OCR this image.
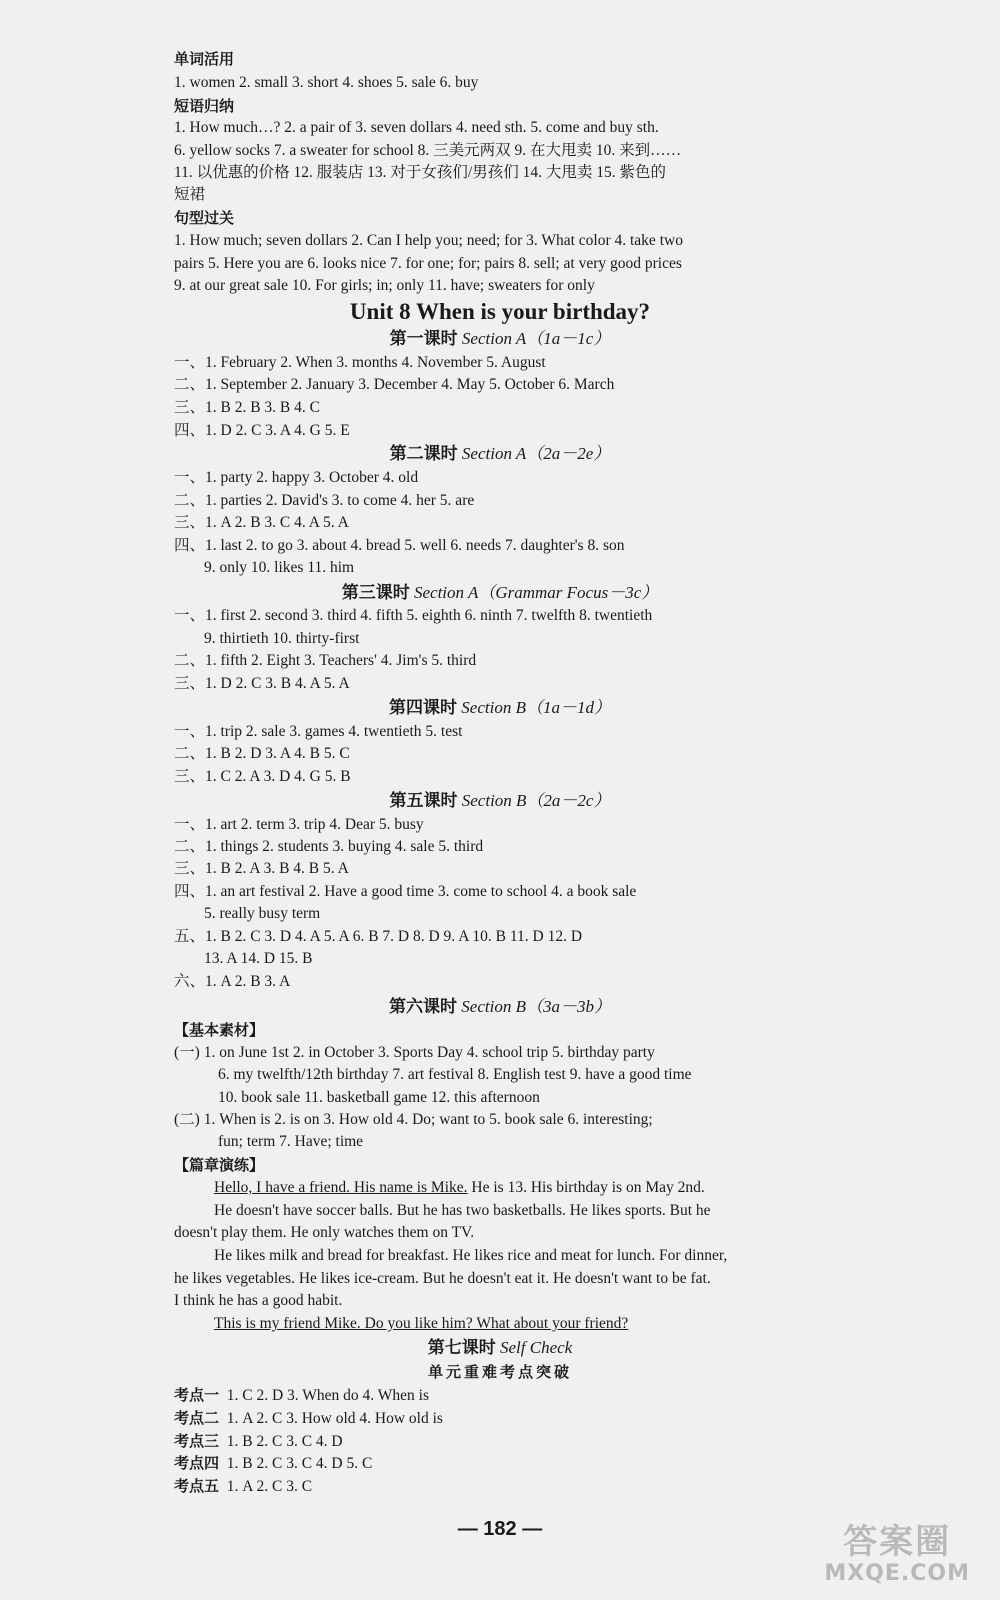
单词活用
1. women 2. small 3. short 4. shoes 5. sale 6. buy
短语归纳
1. How much…? 2. a pair of 3. seven dollars 4. need sth. 5. come and buy sth.
6. yellow socks 7. a sweater for school 8. 三美元两双 9. 在大甩卖 10. 来到……
11. 以优惠的价格 12. 服装店 13. 对于女孩们/男孩们 14. 大甩卖 15. 紫色的
短裙
句型过关
1. How much; seven dollars 2. Can I help you; need; for 3. What color 4. take two
pairs 5. Here you are 6. looks nice 7. for one; for; pairs 8. sell; at very good prices
9. at our great sale 10. For girls; in; only 11. have; sweaters for only
Unit 8 When is your birthday?
第一课时 Section A（1a－1c）
一、1. February 2. When 3. months 4. November 5. August
二、1. September 2. January 3. December 4. May 5. October 6. March
三、1. B 2. B 3. B 4. C
四、1. D 2. C 3. A 4. G 5. E
第二课时 Section A（2a－2e）
一、1. party 2. happy 3. October 4. old
二、1. parties 2. David's 3. to come 4. her 5. are
三、1. A 2. B 3. C 4. A 5. A
四、1. last 2. to go 3. about 4. bread 5. well 6. needs 7. daughter's 8. son
9. only 10. likes 11. him
第三课时 Section A（Grammar Focus－3c）
一、1. first 2. second 3. third 4. fifth 5. eighth 6. ninth 7. twelfth 8. twentieth
9. thirtieth 10. thirty-first
二、1. fifth 2. Eight 3. Teachers' 4. Jim's 5. third
三、1. D 2. C 3. B 4. A 5. A
第四课时 Section B（1a－1d）
一、1. trip 2. sale 3. games 4. twentieth 5. test
二、1. B 2. D 3. A 4. B 5. C
三、1. C 2. A 3. D 4. G 5. B
第五课时 Section B（2a－2c）
一、1. art 2. term 3. trip 4. Dear 5. busy
二、1. things 2. students 3. buying 4. sale 5. third
三、1. B 2. A 3. B 4. B 5. A
四、1. an art festival 2. Have a good time 3. come to school 4. a book sale
5. really busy term
五、1. B 2. C 3. D 4. A 5. A 6. B 7. D 8. D 9. A 10. B 11. D 12. D
13. A 14. D 15. B
六、1. A 2. B 3. A
第六课时 Section B（3a－3b）
【基本素材】
(一) 1. on June 1st 2. in October 3. Sports Day 4. school trip 5. birthday party
6. my twelfth/12th birthday 7. art festival 8. English test 9. have a good time
10. book sale 11. basketball game 12. this afternoon
(二) 1. When is 2. is on 3. How old 4. Do; want to 5. book sale 6. interesting;
fun; term 7. Have; time
【篇章演练】
Hello, I have a friend. His name is Mike. He is 13. His birthday is on May 2nd.
He doesn't have soccer balls. But he has two basketballs. He likes sports. But he
doesn't play them. He only watches them on TV.
He likes milk and bread for breakfast. He likes rice and meat for lunch. For dinner,
he likes vegetables. He likes ice-cream. But he doesn't eat it. He doesn't want to be fat.
I think he has a good habit.
This is my friend Mike. Do you like him? What about your friend?
第七课时 Self Check
单元重难考点突破
考点一 1. C 2. D 3. When do 4. When is
考点二 1. A 2. C 3. How old 4. How old is
考点三 1. B 2. C 3. C 4. D
考点四 1. B 2. C 3. C 4. D 5. C
考点五 1. A 2. C 3. C
— 182 —	答案圈
MXQE.COM
